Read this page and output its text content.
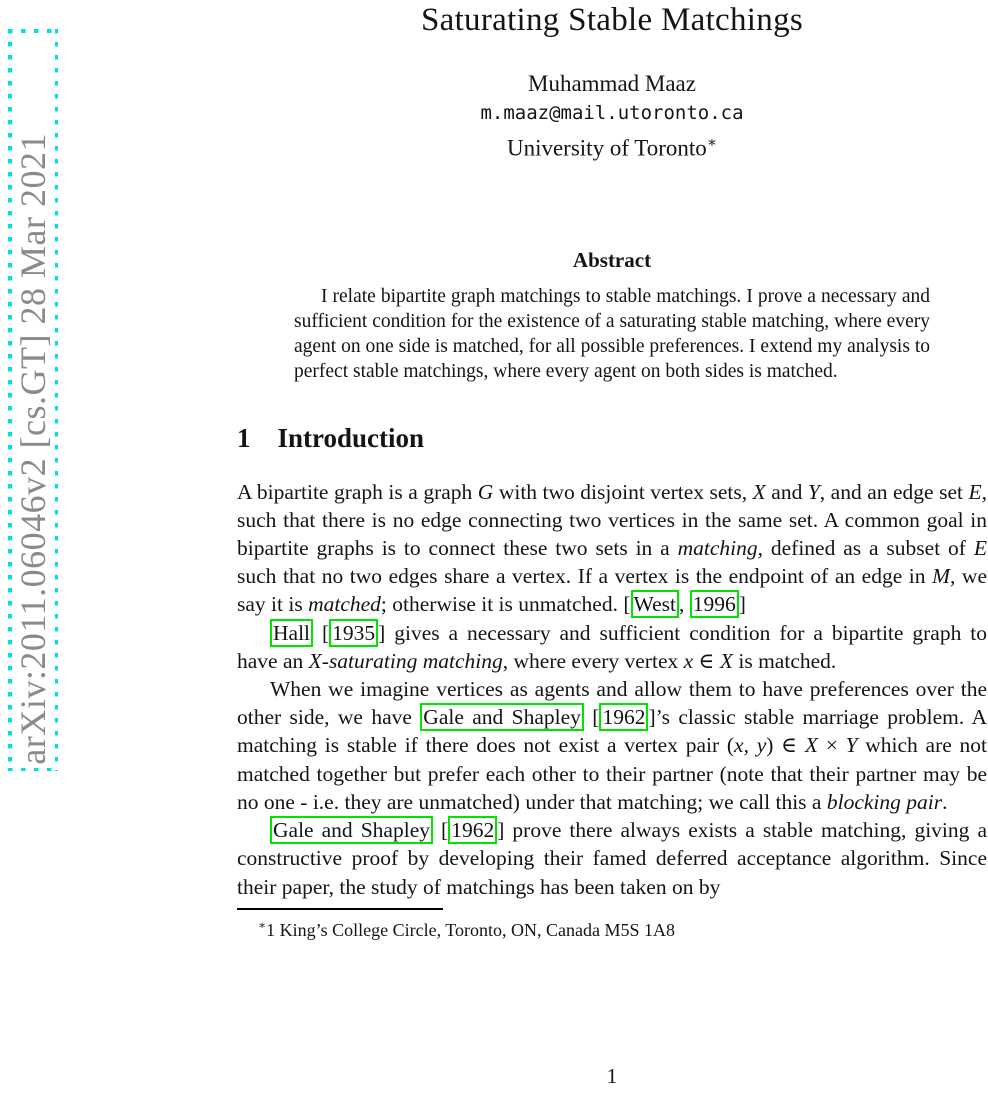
arXiv:2011.06046v2 [cs.GT] 28 Mar 2021
Saturating Stable Matchings
Muhammad Maaz
m.maaz@mail.utoronto.ca
University of Toronto∗
Abstract

I relate bipartite graph matchings to stable matchings. I prove a necessary and sufficient condition for the existence of a saturating stable matching, where every agent on one side is matched, for all possible preferences. I extend my analysis to perfect stable matchings, where every agent on both sides is matched.

1 Introduction

A bipartite graph is a graph G with two disjoint vertex sets, X and Y, and an edge set E, such that there is no edge connecting two vertices in the same set. A common goal in bipartite graphs is to connect these two sets in a matching, defined as a subset of E such that no two edges share a vertex. If a vertex is the endpoint of an edge in M, we say it is matched; otherwise it is unmatched. [ West , 1996 ]

Hall [ 1935 ] gives a necessary and sufficient condition for a bipartite graph to have an X-saturating matching, where every vertex x ∈ X is matched.

When we imagine vertices as agents and allow them to have preferences over the other side, we have Gale and Shapley [ 1962 ]’s classic stable marriage problem. A matching is stable if there does not exist a vertex pair (x, y) ∈ X × Y which are not matched together but prefer each other to their partner (note that their partner may be no one - i.e. they are unmatched) under that matching; we call this a blocking pair.

Gale and Shapley [ 1962 ] prove there always exists a stable matching, giving a constructive proof by developing their famed deferred acceptance algorithm. Since their paper, the study of matchings has been taken on by

∗1 King’s College Circle, Toronto, ON, Canada M5S 1A8
1
